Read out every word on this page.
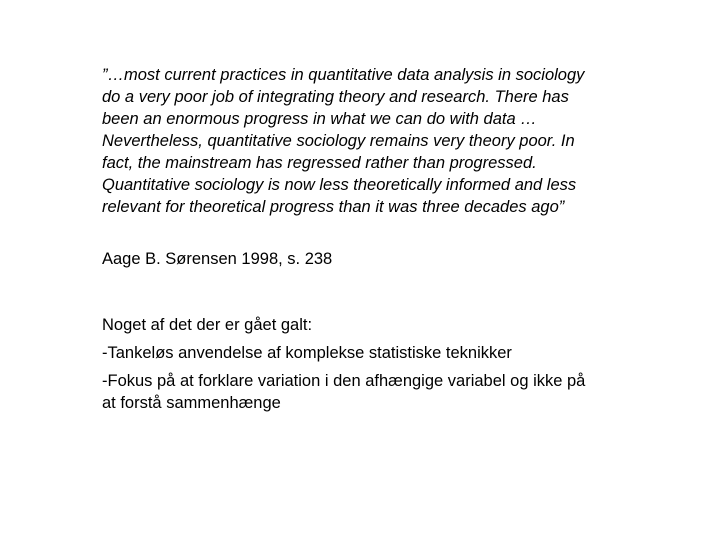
”…most current practices in quantitative data analysis in sociology do a very poor job of integrating theory and research. There has been an enormous progress in what we can do with data … Nevertheless, quantitative sociology remains very theory poor. In fact, the mainstream has regressed rather than progressed. Quantitative sociology is now less theoretically informed and less relevant for theoretical progress than it was three decades ago”

Aage B. Sørensen 1998, s. 238

Noget af det der er gået galt:

-Tankeløs anvendelse af komplekse statistiske teknikker

-Fokus på at forklare variation i den afhængige variabel og ikke på at forstå sammenhænge
